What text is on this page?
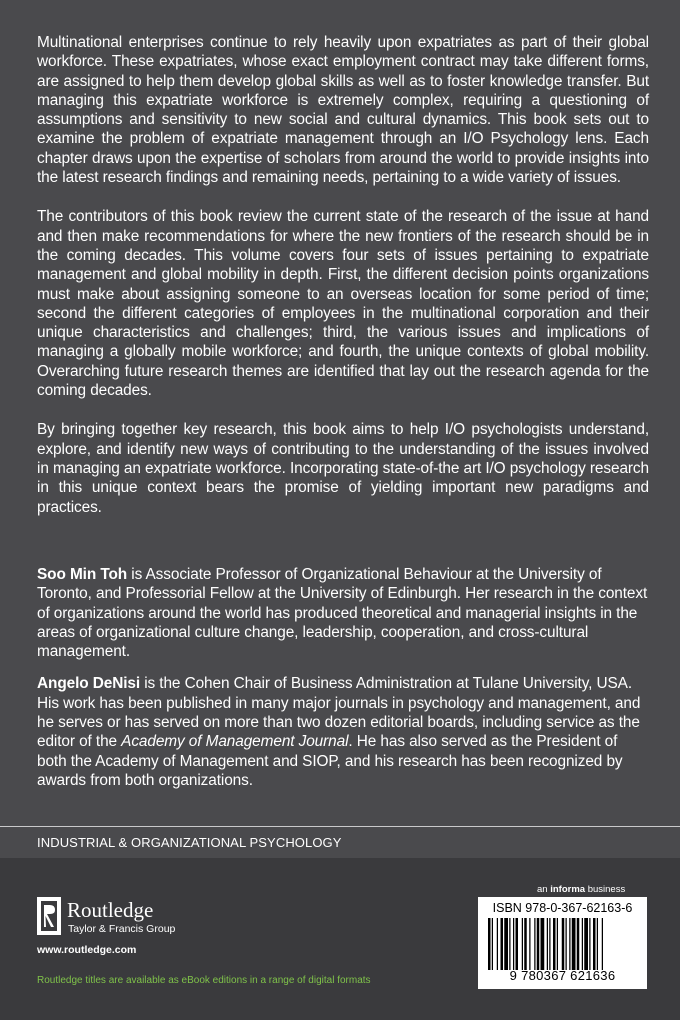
Multinational enterprises continue to rely heavily upon expatriates as part of their global workforce. These expatriates, whose exact employment contract may take different forms, are assigned to help them develop global skills as well as to foster knowledge transfer. But managing this expatriate workforce is extremely complex, requiring a questioning of assumptions and sensitivity to new social and cultural dynamics. This book sets out to examine the problem of expatriate management through an I/O Psychology lens. Each chapter draws upon the expertise of scholars from around the world to provide insights into the latest research findings and remaining needs, pertaining to a wide variety of issues.

The contributors of this book review the current state of the research of the issue at hand and then make recommendations for where the new frontiers of the research should be in the coming decades. This volume covers four sets of issues pertaining to expatriate management and global mobility in depth. First, the different decision points organizations must make about assigning someone to an overseas location for some period of time; second the different categories of employees in the multinational corporation and their unique characteristics and challenges; third, the various issues and implications of managing a globally mobile workforce; and fourth, the unique contexts of global mobility. Overarching future research themes are identified that lay out the research agenda for the coming decades.

By bringing together key research, this book aims to help I/O psychologists understand, explore, and identify new ways of contributing to the understanding of the issues involved in managing an expatriate workforce. Incorporating state-of-the art I/O psychology research in this unique context bears the promise of yielding important new paradigms and practices.

Soo Min Toh is Associate Professor of Organizational Behaviour at the University of Toronto, and Professorial Fellow at the University of Edinburgh. Her research in the context of organizations around the world has produced theoretical and managerial insights in the areas of organizational culture change, leadership, cooperation, and cross-cultural management.

Angelo DeNisi is the Cohen Chair of Business Administration at Tulane University, USA. His work has been published in many major journals in psychology and management, and he serves or has served on more than two dozen editorial boards, including service as the editor of the Academy of Management Journal. He has also served as the President of both the Academy of Management and SIOP, and his research has been recognized by awards from both organizations.

INDUSTRIAL & ORGANIZATIONAL PSYCHOLOGY
Routledge
Taylor & Francis Group
www.routledge.com
Routledge titles are available as eBook editions in a range of digital formats
an informa business
ISBN 978-0-367-62163-6
9 780367 621636
